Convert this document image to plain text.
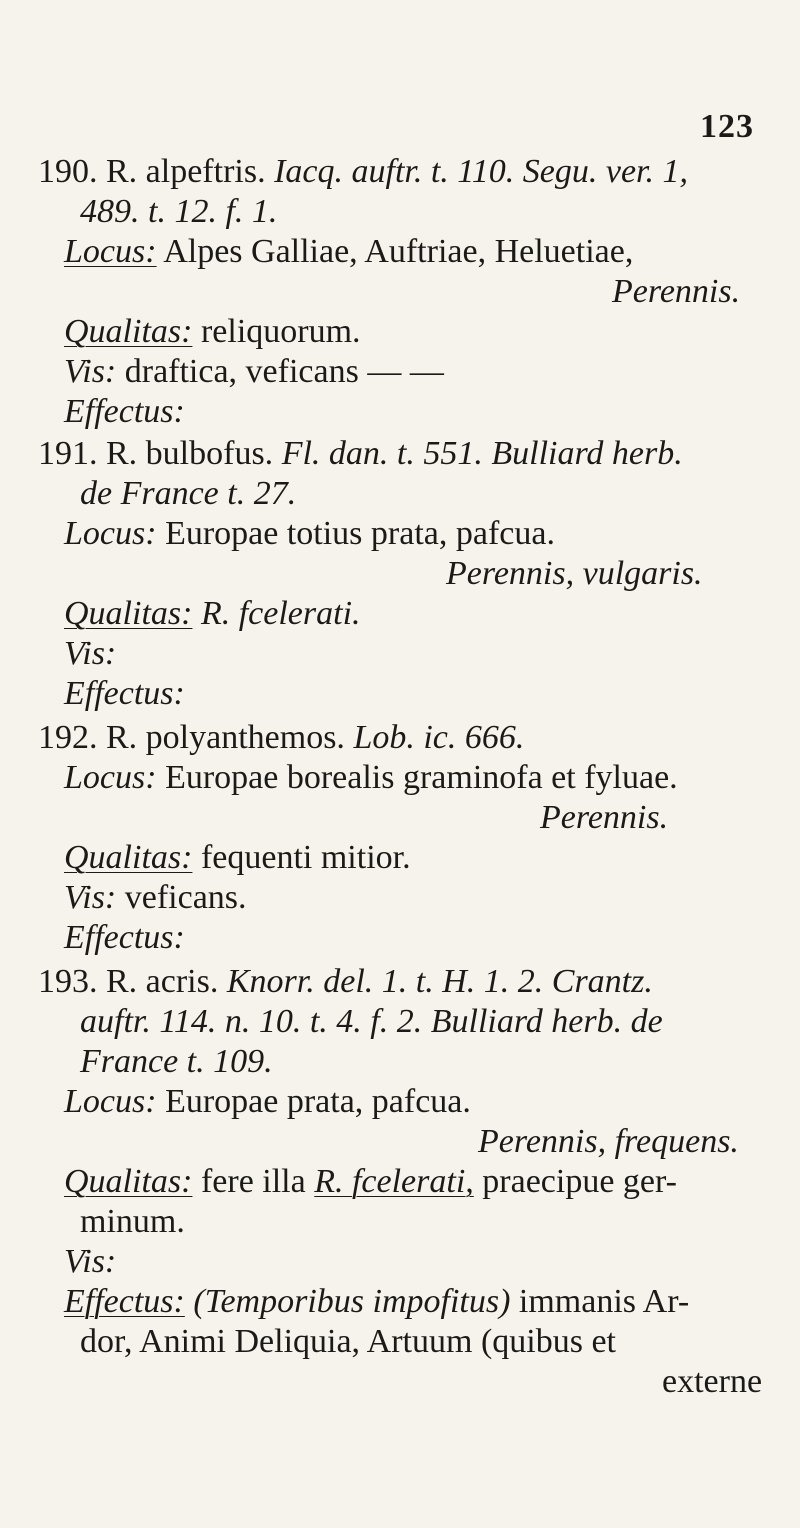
123
190. R. alpeftris. Iacq. auftr. t. 110. Segu. ver. 1,
489. t. 12. f. 1.
Locus: Alpes Galliae, Auftriae, Heluetiae,
Perennis.
Qualitas: reliquorum.
Vis: draftica, veficans — —
Effectus:
191. R. bulbofus. Fl. dan. t. 551. Bulliard herb.
de France t. 27.
Locus: Europae totius prata, pafcua.
Perennis, vulgaris.
Qualitas: R. fcelerati.
Vis:
Effectus:
192. R. polyanthemos. Lob. ic. 666.
Locus: Europae borealis graminofa et fyluae.
Perennis.
Qualitas: fequenti mitior.
Vis: veficans.
Effectus:
193. R. acris. Knorr. del. 1. t. H. 1. 2. Crantz.
auftr. 114. n. 10. t. 4. f. 2. Bulliard herb. de
France t. 109.
Locus: Europae prata, pafcua.
Perennis, frequens.
Qualitas: fere illa R. fcelerati, praecipue ger-
minum.
Vis:
Effectus: (Temporibus impofitus) immanis Ar-
dor, Animi Deliquia, Artuum (quibus et
externe
